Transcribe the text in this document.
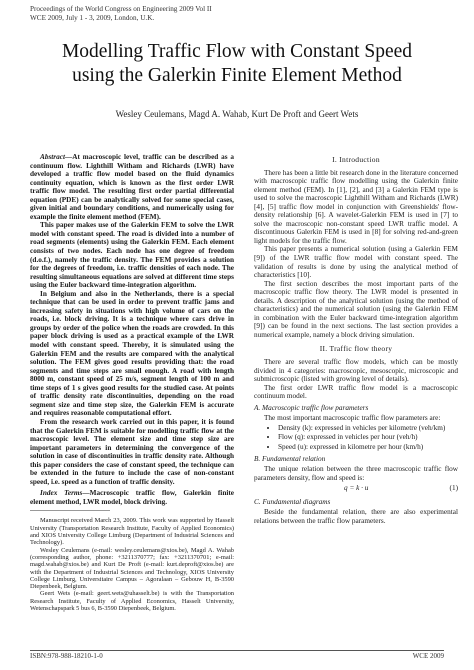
Proceedings of the World Congress on Engineering 2009 Vol II
WCE 2009, July 1 - 3, 2009, London, U.K.
Modelling Traffic Flow with Constant Speed
using the Galerkin Finite Element Method
Wesley Ceulemans, Magd A. Wahab, Kurt De Proft and Geert Wets

Abstract—At macroscopic level, traffic can be described as a continuum flow. Lighthill Witham and Richards (LWR) have developed a traffic flow model based on the fluid dynamics continuity equation, which is known as the first order LWR traffic flow model. The resulting first order partial differential equation (PDE) can be analytically solved for some special cases, given initial and boundary conditions, and numerically using for example the finite element method (FEM).

This paper makes use of the Galerkin FEM to solve the LWR model with constant speed. The road is divided into a number of road segments (elements) using the Galerkin FEM. Each element consists of two nodes. Each node has one degree of freedom (d.o.f.), namely the traffic density. The FEM provides a solution for the degrees of freedom, i.e. traffic densities of each node. The resulting simultaneous equations are solved at different time steps using the Euler backward time-integration algorithm.

In Belgium and also in the Netherlands, there is a special technique that can be used in order to prevent traffic jams and increasing safety in situations with high volume of cars on the roads, i.e. block driving. It is a technique where cars drive in groups by order of the police when the roads are crowded. In this paper block driving is used as a practical example of the LWR model with constant speed. Thereby, it is simulated using the Galerkin FEM and the results are compared with the analytical solution. The FEM gives good results providing that: the road segments and time steps are small enough. A road with length 8000 m, constant speed of 25 m/s, segment length of 100 m and time steps of 1 s gives good results for the studied case. At points of traffic density rate discontinuities, depending on the road segment size and time step size, the Galerkin FEM is accurate and requires reasonable computational effort.

From the research work carried out in this paper, it is found that the Galerkin FEM is suitable for modelling traffic flow at the macroscopic level. The element size and time step size are important parameters in determining the convergence of the solution in case of discontinuities in traffic density rate. Although this paper considers the case of constant speed, the technique can be extended in the future to include the case of non-constant speed, i.e. speed as a function of traffic density.

Index Terms—Macroscopic traffic flow, Galerkin finite element method, LWR model, block driving.

Manuscript received March 23, 2009. This work was supported by Hasselt University (Transportation Research Institute, Faculty of Applied Economics) and XIOS University College Limburg (Department of Industrial Sciences and Technology).

Wesley Ceulemans (e-mail: wesley.ceulemans@xios.be), Magd A. Wahab (corresponding author, phone: +3211370777; fax: +3211370701; e-mail: magd.wahab@xios.be) and Kurt De Proft (e-mail: kurt.deproft@xios.be) are with the Department of Industrial Sciences and Technology, XIOS University College Limburg, Universitaire Campus – Agoralaan – Gebouw H, B-3590 Diepenbeek, Belgium.

Geert Wets (e-mail: geert.wets@uhasselt.be) is with the Transportation Research Institute, Faculty of Applied Economics, Hasselt University, Wetenschapspark 5 bus 6, B-3590 Diepenbeek, Belgium.

I. Introduction

There has been a little bit research done in the literature concerned with macroscopic traffic flow modelling using the Galerkin finite element method (FEM). In [1], [2], and [3] a Galerkin FEM type is used to solve the macroscopic Lighthill Witham and Richards (LWR) [4], [5] traffic flow model in conjunction with Greenshields' flow-density relationship [6]. A wavelet-Galerkin FEM is used in [7] to solve the macroscopic non-constant speed LWR traffic model. A discontinuous Galerkin FEM is used in [8] for solving red-and-green light models for the traffic flow.

This paper presents a numerical solution (using a Galerkin FEM [9]) of the LWR traffic flow model with constant speed. The validation of results is done by using the analytical method of characteristics [10].

The first section describes the most important parts of the macroscopic traffic flow theory. The LWR model is presented in details. A description of the analytical solution (using the method of characteristics) and the numerical solution (using the Galerkin FEM in combination with the Euler backward time-integration algorithm [9]) can be found in the next sections. The last section provides a numerical example, namely a block driving simulation.

II. Traffic flow theory

There are several traffic flow models, which can be mostly divided in 4 categories: macroscopic, mesoscopic, microscopic and submicroscopic (listed with growing level of details).

The first order LWR traffic flow model is a macroscopic continuum model.

A. Macroscopic traffic flow parameters

The most important macroscopic traffic flow parameters are:

• Density (k): expressed in vehicles per kilometre (veh/km)
• Flow (q): expressed in vehicles per hour (veh/h)
• Speed (u): expressed in kilometre per hour (km/h)

B. Fundamental relation

The unique relation between the three macroscopic traffic flow parameters density, flow and speed is:

q = k · u	(1)

C. Fundamental diagrams

Beside the fundamental relation, there are also experimental relations between the traffic flow parameters.

ISBN:978-988-18210-1-0	WCE 2009
